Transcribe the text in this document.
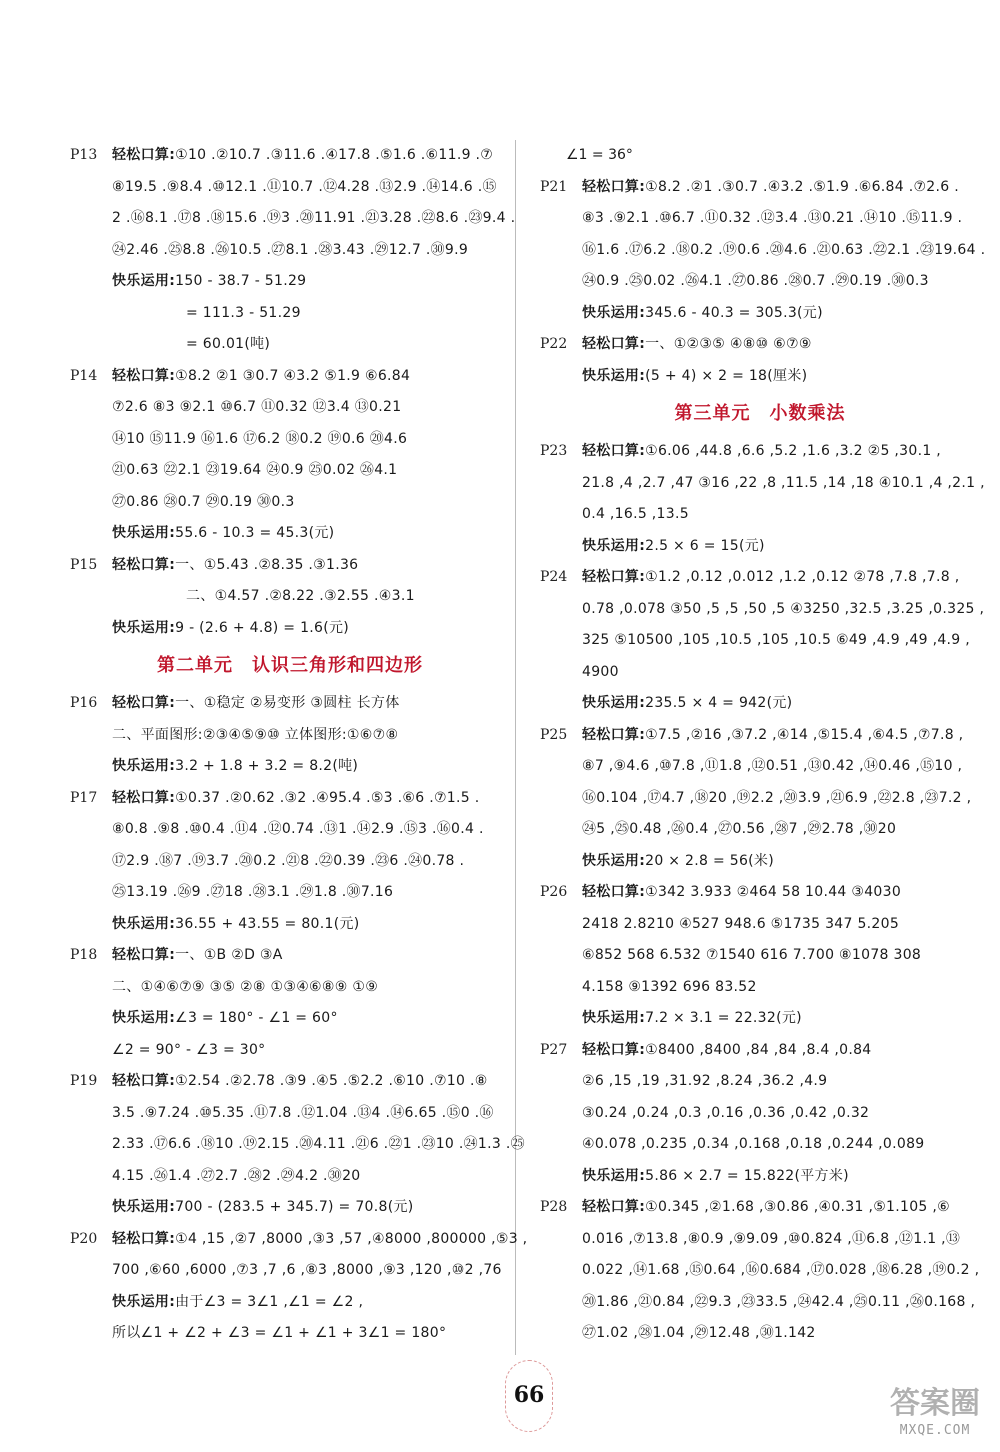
P13 轻松口算:①10 .②10.7 .③11.6 .④17.8 .⑤1.6 .⑥11.9 .⑦
⑧19.5 .⑨8.4 .⑩12.1 .⑪10.7 .⑫4.28 .⑬2.9 .⑭14.6 .⑮
2 .⑯8.1 .⑰8 .⑱15.6 .⑲3 .⑳11.91 .㉑3.28 .㉒8.6 .㉓9.4 .
㉔2.46 .㉕8.8 .㉖10.5 .㉗8.1 .㉘3.43 .㉙12.7 .㉚9.9
快乐运用:150 - 38.7 - 51.29
= 111.3 - 51.29
= 60.01(吨)
P14 轻松口算:①8.2 ②1 ③0.7 ④3.2 ⑤1.9 ⑥6.84
⑦2.6 ⑧3 ⑨2.1 ⑩6.7 ⑪0.32 ⑫3.4 ⑬0.21
⑭10 ⑮11.9 ⑯1.6 ⑰6.2 ⑱0.2 ⑲0.6 ⑳4.6
㉑0.63 ㉒2.1 ㉓19.64 ㉔0.9 ㉕0.02 ㉖4.1
㉗0.86 ㉘0.7 ㉙0.19 ㉚0.3
快乐运用:55.6 - 10.3 = 45.3(元)
P15 轻松口算:一、①5.43 .②8.35 .③1.36
二、①4.57 .②8.22 .③2.55 .④3.1
快乐运用:9 - (2.6 + 4.8) = 1.6(元)
第二单元　认识三角形和四边形
P16 轻松口算:一、①稳定 ②易变形 ③圆柱 长方体
二、平面图形:②③④⑤⑨⑩ 立体图形:①⑥⑦⑧
快乐运用:3.2 + 1.8 + 3.2 = 8.2(吨)
P17 轻松口算:①0.37 .②0.62 .③2 .④95.4 .⑤3 .⑥6 .⑦1.5 .
⑧0.8 .⑨8 .⑩0.4 .⑪4 .⑫0.74 .⑬1 .⑭2.9 .⑮3 .⑯0.4 .
⑰2.9 .⑱7 .⑲3.7 .⑳0.2 .㉑8 .㉒0.39 .㉓6 .㉔0.78 .
㉕13.19 .㉖9 .㉗18 .㉘3.1 .㉙1.8 .㉚7.16
快乐运用:36.55 + 43.55 = 80.1(元)
P18 轻松口算:一、①B ②D ③A
二、①④⑥⑦⑨ ③⑤ ②⑧ ①③④⑥⑧⑨ ①⑨
快乐运用:∠3 = 180° - ∠1 = 60°
∠2 = 90° - ∠3 = 30°
P19 轻松口算:①2.54 .②2.78 .③9 .④5 .⑤2.2 .⑥10 .⑦10 .⑧
3.5 .⑨7.24 .⑩5.35 .⑪7.8 .⑫1.04 .⑬4 .⑭6.65 .⑮0 .⑯
2.33 .⑰6.6 .⑱10 .⑲2.15 .⑳4.11 .㉑6 .㉒1 .㉓10 .㉔1.3 .㉕
4.15 .㉖1.4 .㉗2.7 .㉘2 .㉙4.2 .㉚20
快乐运用:700 - (283.5 + 345.7) = 70.8(元)
P20 轻松口算:①4 ,15 ,②7 ,8000 ,③3 ,57 ,④8000 ,800000 ,⑤3 ,
700 ,⑥60 ,6000 ,⑦3 ,7 ,6 ,⑧3 ,8000 ,⑨3 ,120 ,⑩2 ,76
快乐运用:由于∠3 = 3∠1 ,∠1 = ∠2 ,
所以∠1 + ∠2 + ∠3 = ∠1 + ∠1 + 3∠1 = 180°
∠1 = 36°
P21 轻松口算:①8.2 .②1 .③0.7 .④3.2 .⑤1.9 .⑥6.84 .⑦2.6 .
⑧3 .⑨2.1 .⑩6.7 .⑪0.32 .⑫3.4 .⑬0.21 .⑭10 .⑮11.9 .
⑯1.6 .⑰6.2 .⑱0.2 .⑲0.6 .⑳4.6 .㉑0.63 .㉒2.1 .㉓19.64 .
㉔0.9 .㉕0.02 .㉖4.1 .㉗0.86 .㉘0.7 .㉙0.19 .㉚0.3
快乐运用:345.6 - 40.3 = 305.3(元)
P22 轻松口算:一、①②③⑤ ④⑧⑩ ⑥⑦⑨
快乐运用:(5 + 4) × 2 = 18(厘米)
第三单元　小数乘法
P23 轻松口算:①6.06 ,44.8 ,6.6 ,5.2 ,1.6 ,3.2 ②5 ,30.1 ,
21.8 ,4 ,2.7 ,47 ③16 ,22 ,8 ,11.5 ,14 ,18 ④10.1 ,4 ,2.1 ,
0.4 ,16.5 ,13.5
快乐运用:2.5 × 6 = 15(元)
P24 轻松口算:①1.2 ,0.12 ,0.012 ,1.2 ,0.12 ②78 ,7.8 ,7.8 ,
0.78 ,0.078 ③50 ,5 ,5 ,50 ,5 ④3250 ,32.5 ,3.25 ,0.325 ,
325 ⑤10500 ,105 ,10.5 ,105 ,10.5 ⑥49 ,4.9 ,49 ,4.9 ,
4900
快乐运用:235.5 × 4 = 942(元)
P25 轻松口算:①7.5 ,②16 ,③7.2 ,④14 ,⑤15.4 ,⑥4.5 ,⑦7.8 ,
⑧7 ,⑨4.6 ,⑩7.8 ,⑪1.8 ,⑫0.51 ,⑬0.42 ,⑭0.46 ,⑮10 ,
⑯0.104 ,⑰4.7 ,⑱20 ,⑲2.2 ,⑳3.9 ,㉑6.9 ,㉒2.8 ,㉓7.2 ,
㉔5 ,㉕0.48 ,㉖0.4 ,㉗0.56 ,㉘7 ,㉙2.78 ,㉚20
快乐运用:20 × 2.8 = 56(米)
P26 轻松口算:①342 3.933 ②464 58 10.44 ③4030
2418 2.8210 ④527 948.6 ⑤1735 347 5.205
⑥852 568 6.532 ⑦1540 616 7.700 ⑧1078 308
4.158 ⑨1392 696 83.52
快乐运用:7.2 × 3.1 = 22.32(元)
P27 轻松口算:①8400 ,8400 ,84 ,84 ,8.4 ,0.84
②6 ,15 ,19 ,31.92 ,8.24 ,36.2 ,4.9
③0.24 ,0.24 ,0.3 ,0.16 ,0.36 ,0.42 ,0.32
④0.078 ,0.235 ,0.34 ,0.168 ,0.18 ,0.244 ,0.089
快乐运用:5.86 × 2.7 = 15.822(平方米)
P28 轻松口算:①0.345 ,②1.68 ,③0.86 ,④0.31 ,⑤1.105 ,⑥
0.016 ,⑦13.8 ,⑧0.9 ,⑨9.09 ,⑩0.824 ,⑪6.8 ,⑫1.1 ,⑬
0.022 ,⑭1.68 ,⑮0.64 ,⑯0.684 ,⑰0.028 ,⑱6.28 ,⑲0.2 ,
⑳1.86 ,㉑0.84 ,㉒9.3 ,㉓33.5 ,㉔42.4 ,㉕0.11 ,㉖0.168 ,
㉗1.02 ,㉘1.04 ,㉙12.48 ,㉚1.142
66	答案圈
MXQE.COM
